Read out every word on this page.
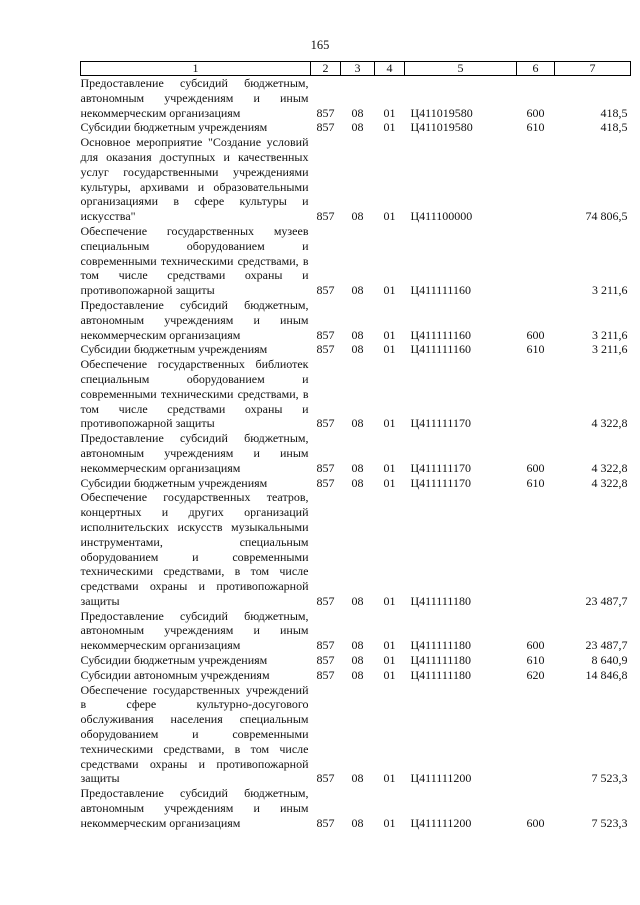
165
1	2	3	4	5	6	7
Предоставление субсидий бюджетным, автономным учреждениям и иным некоммерческим организациям	857	08	01	Ц411019580	600	418,5
Субсидии бюджетным учреждениям	857	08	01	Ц411019580	610	418,5
Основное мероприятие "Создание условий для оказания доступных и качественных услуг государственными учреждениями культуры, архивами и образовательными организациями в сфере культуры и искусства"	857	08	01	Ц411100000		74 806,5
Обеспечение государственных музеев специальным оборудованием и современными техническими средствами, в том числе средствами охраны и противопожарной защиты	857	08	01	Ц411111160		3 211,6
Предоставление субсидий бюджетным, автономным учреждениям и иным некоммерческим организациям	857	08	01	Ц411111160	600	3 211,6
Субсидии бюджетным учреждениям	857	08	01	Ц411111160	610	3 211,6
Обеспечение государственных библиотек специальным оборудованием и современными техническими средствами, в том числе средствами охраны и противопожарной защиты	857	08	01	Ц411111170		4 322,8
Предоставление субсидий бюджетным, автономным учреждениям и иным некоммерческим организациям	857	08	01	Ц411111170	600	4 322,8
Субсидии бюджетным учреждениям	857	08	01	Ц411111170	610	4 322,8
Обеспечение государственных театров, концертных и других организаций исполнительских искусств музыкальными инструментами, специальным оборудованием и современными техническими средствами, в том числе средствами охраны и противопожарной защиты	857	08	01	Ц411111180		23 487,7
Предоставление субсидий бюджетным, автономным учреждениям и иным некоммерческим организациям	857	08	01	Ц411111180	600	23 487,7
Субсидии бюджетным учреждениям	857	08	01	Ц411111180	610	8 640,9
Субсидии автономным учреждениям	857	08	01	Ц411111180	620	14 846,8
Обеспечение государственных учреждений в сфере культурно-досугового обслуживания населения специальным оборудованием и современными техническими средствами, в том числе средствами охраны и противопожарной защиты	857	08	01	Ц411111200		7 523,3
Предоставление субсидий бюджетным, автономным учреждениям и иным некоммерческим организациям	857	08	01	Ц411111200	600	7 523,3
